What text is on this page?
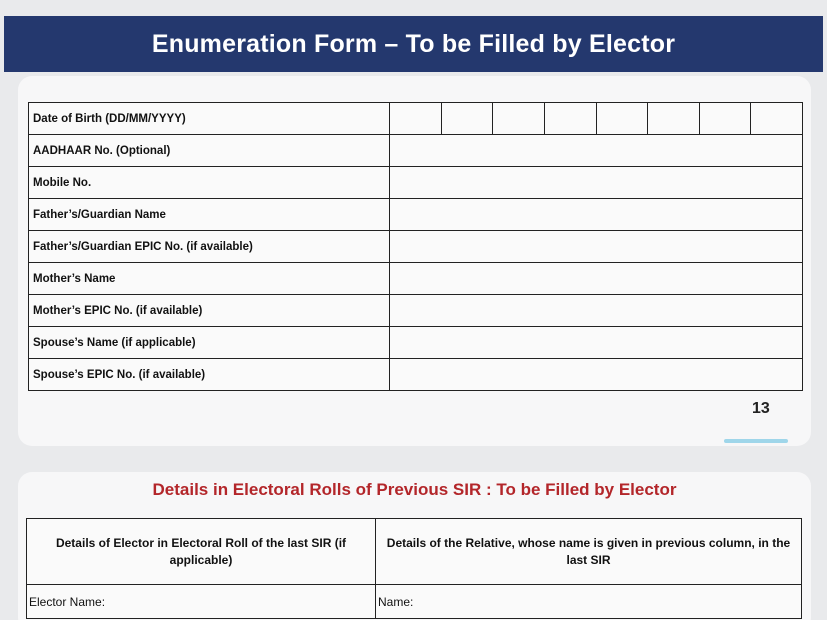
Enumeration Form – To be Filled by Elector
Date of Birth (DD/MM/YYYY)								
AADHAAR No. (Optional)								
Mobile No.								
Father’s/Guardian Name								
Father’s/Guardian EPIC No. (if available)								
Mother’s Name								
Mother’s EPIC No. (if available)								
Spouse’s Name (if applicable)								
Spouse’s EPIC No. (if available)								
13
Details in Electoral Rolls of Previous SIR : To be Filled by Elector
Details of Elector in Electoral Roll of the last SIR (if applicable)	Details of the Relative, whose name is given in previous column, in the last SIR
Elector Name:	Name:
